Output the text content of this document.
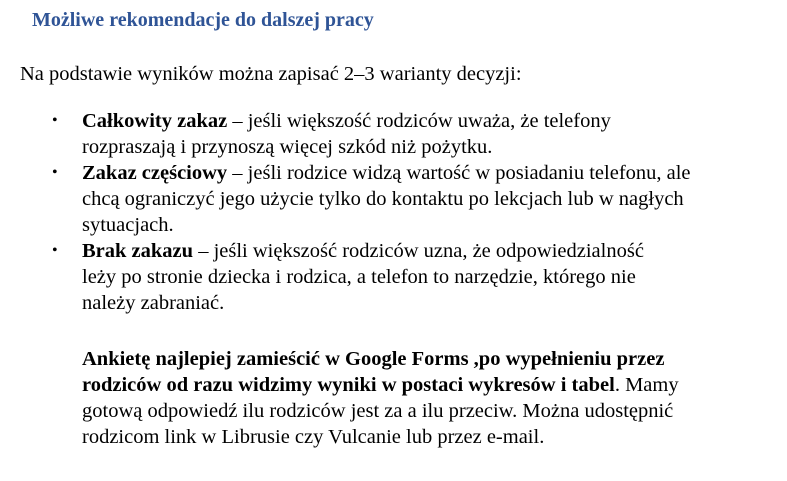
Możliwe rekomendacje do dalszej pracy

Na podstawie wyników można zapisać 2–3 warianty decyzji:

• Całkowity zakaz – jeśli większość rodziców uważa, że telefony
rozpraszają i przynoszą więcej szkód niż pożytku.
• Zakaz częściowy – jeśli rodzice widzą wartość w posiadaniu telefonu, ale
chcą ograniczyć jego użycie tylko do kontaktu po lekcjach lub w nagłych
sytuacjach.
• Brak zakazu – jeśli większość rodziców uzna, że odpowiedzialność
leży po stronie dziecka i rodzica, a telefon to narzędzie, którego nie
należy zabraniać.
Ankietę najlepiej zamieścić w Google Forms ,po wypełnieniu przez
rodziców od razu widzimy wyniki w postaci wykresów i tabel. Mamy
gotową odpowiedź ilu rodziców jest za a ilu przeciw. Można udostępnić
rodzicom link w Librusie czy Vulcanie lub przez e-mail.
